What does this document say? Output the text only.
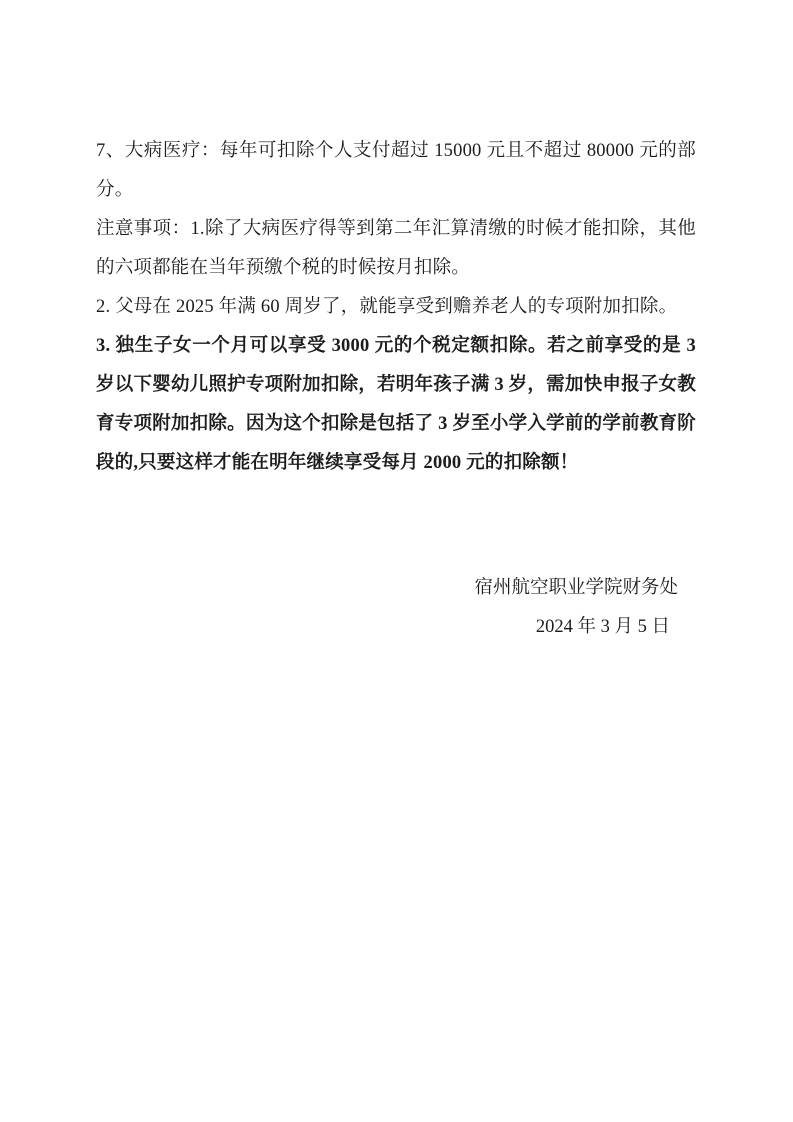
7、大病医疗：每年可扣除个人支付超过 15000 元且不超过 80000 元的部分。

注意事项：1.除了大病医疗得等到第二年汇算清缴的时候才能扣除，其他的六项都能在当年预缴个税的时候按月扣除。

2. 父母在 2025 年满 60 周岁了，就能享受到赡养老人的专项附加扣除。

3. 独生子女一个月可以享受 3000 元的个税定额扣除。若之前享受的是 3 岁以下婴幼儿照护专项附加扣除，若明年孩子满 3 岁，需加快申报子女教育专项附加扣除。因为这个扣除是包括了 3 岁至小学入学前的学前教育阶段的,只要这样才能在明年继续享受每月 2000 元的扣除额！

宿州航空职业学院财务处
2024 年 3 月 5 日
